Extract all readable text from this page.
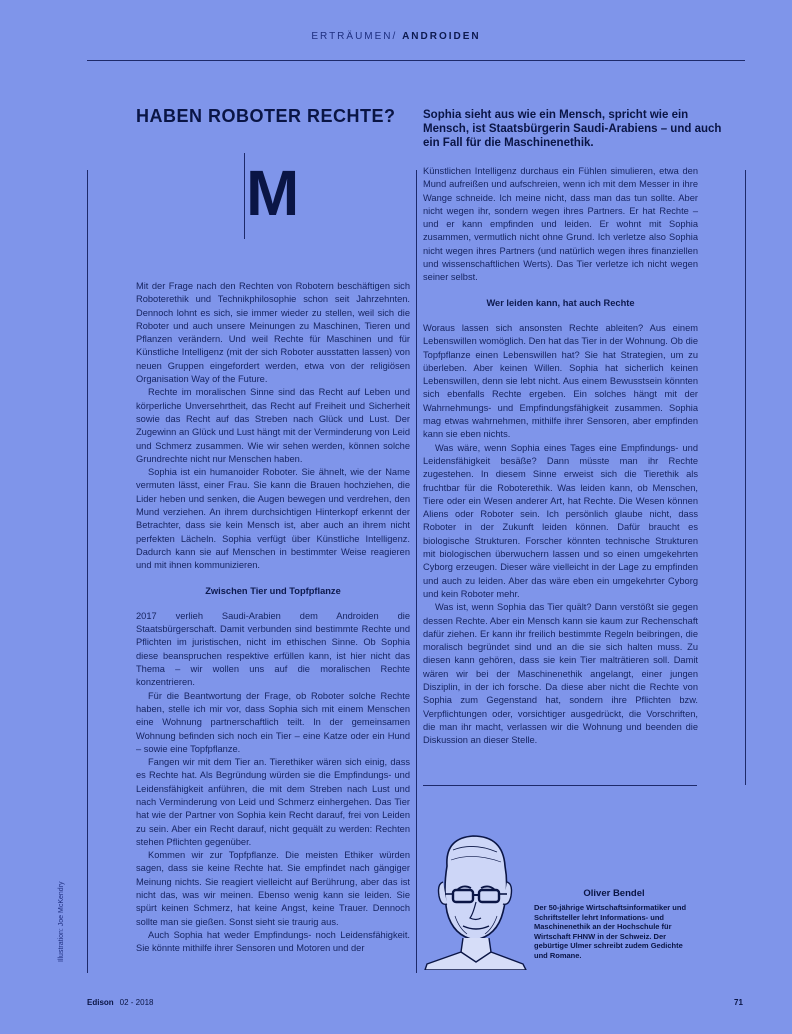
ERTRÄUMEN/ ANDROIDEN
HABEN ROBOTER RECHTE? Sophia sieht aus wie ein Mensch, spricht wie ein Mensch, ist Staatsbürgerin Saudi-Arabiens – und auch ein Fall für die Maschinenethik.

M

Mit der Frage nach den Rechten von Robotern beschäftigen sich Roboterethik und Technikphilosophie schon seit Jahrzehnten. Dennoch lohnt es sich, sie immer wieder zu stellen, weil sich die Roboter und auch unsere Meinungen zu Maschinen, Tieren und Pflanzen verändern. Und weil Rechte für Maschinen und für Künstliche Intelligenz (mit der sich Roboter ausstatten lassen) von neuen Gruppen eingefordert werden, etwa von der religiösen Organisation Way of the Future.

Rechte im moralischen Sinne sind das Recht auf Leben und körperliche Unversehrtheit, das Recht auf Freiheit und Sicherheit sowie das Recht auf das Streben nach Glück und Lust. Der Zugewinn an Glück und Lust hängt mit der Verminderung von Leid und Schmerz zusammen. Wie wir sehen werden, können solche Grundrechte nicht nur Menschen haben.

Sophia ist ein humanoider Roboter. Sie ähnelt, wie der Name vermuten lässt, einer Frau. Sie kann die Brauen hochziehen, die Lider heben und senken, die Augen bewegen und verdrehen, den Mund verziehen. An ihrem durchsichtigen Hinterkopf erkennt der Betrachter, dass sie kein Mensch ist, aber auch an ihrem nicht perfekten Lächeln. Sophia verfügt über Künstliche Intelligenz. Dadurch kann sie auf Menschen in bestimmter Weise reagieren und mit ihnen kommunizieren.

Zwischen Tier und Topfpflanze

2017 verlieh Saudi-Arabien dem Androiden die Staatsbürgerschaft. Damit verbunden sind bestimmte Rechte und Pflichten im juristischen, nicht im ethischen Sinne. Ob Sophia diese beanspruchen respektive erfüllen kann, ist hier nicht das Thema – wir wollen uns auf die moralischen Rechte konzentrieren.

Für die Beantwortung der Frage, ob Roboter solche Rechte haben, stelle ich mir vor, dass Sophia sich mit einem Menschen eine Wohnung partnerschaftlich teilt. In der gemeinsamen Wohnung befinden sich noch ein Tier – eine Katze oder ein Hund – sowie eine Topfpflanze.

Fangen wir mit dem Tier an. Tierethiker wären sich einig, dass es Rechte hat. Als Begründung würden sie die Empfindungs- und Leidensfähigkeit anführen, die mit dem Streben nach Lust und nach Verminderung von Leid und Schmerz einhergehen. Das Tier hat wie der Partner von Sophia kein Recht darauf, frei von Leiden zu sein. Aber ein Recht darauf, nicht gequält zu werden: Rechten stehen Pflichten gegenüber.

Kommen wir zur Topfpflanze. Die meisten Ethiker würden sagen, dass sie keine Rechte hat. Sie empfindet nach gängiger Meinung nichts. Sie reagiert vielleicht auf Berührung, aber das ist nicht das, was wir meinen. Ebenso wenig kann sie leiden. Sie spürt keinen Schmerz, hat keine Angst, keine Trauer. Dennoch sollte man sie gießen. Sonst sieht sie traurig aus.

Auch Sophia hat weder Empfindungs- noch Leidensfähigkeit. Sie könnte mithilfe ihrer Sensoren und Motoren und der

Künstlichen Intelligenz durchaus ein Fühlen simulieren, etwa den Mund aufreißen und aufschreien, wenn ich mit dem Messer in ihre Wange schneide. Ich meine nicht, dass man das tun sollte. Aber nicht wegen ihr, sondern wegen ihres Partners. Er hat Rechte – und er kann empfinden und leiden. Er wohnt mit Sophia zusammen, vermutlich nicht ohne Grund. Ich verletze also Sophia nicht wegen ihres Partners (und natürlich wegen ihres finanziellen und wissenschaftlichen Werts). Das Tier verletze ich nicht wegen seiner selbst.

Wer leiden kann, hat auch Rechte

Woraus lassen sich ansonsten Rechte ableiten? Aus einem Lebenswillen womöglich. Den hat das Tier in der Wohnung. Ob die Topfpflanze einen Lebenswillen hat? Sie hat Strategien, um zu überleben. Aber keinen Willen. Sophia hat sicherlich keinen Lebenswillen, denn sie lebt nicht. Aus einem Bewusstsein könnten sich ebenfalls Rechte ergeben. Ein solches hängt mit der Wahrnehmungs- und Empfindungsfähigkeit zusammen. Sophia mag etwas wahrnehmen, mithilfe ihrer Sensoren, aber empfinden kann sie eben nichts.

Was wäre, wenn Sophia eines Tages eine Empfindungs- und Leidensfähigkeit besäße? Dann müsste man ihr Rechte zugestehen. In diesem Sinne erweist sich die Tierethik als fruchtbar für die Roboterethik. Was leiden kann, ob Menschen, Tiere oder ein Wesen anderer Art, hat Rechte. Die Wesen können Aliens oder Roboter sein. Ich persönlich glaube nicht, dass Roboter in der Zukunft leiden können. Dafür braucht es biologische Strukturen. Forscher könnten technische Strukturen mit biologischen überwuchern lassen und so einen umgekehrten Cyborg erzeugen. Dieser wäre vielleicht in der Lage zu empfinden und auch zu leiden. Aber das wäre eben ein umgekehrter Cyborg und kein Roboter mehr.

Was ist, wenn Sophia das Tier quält? Dann verstößt sie gegen dessen Rechte. Aber ein Mensch kann sie kaum zur Rechenschaft dafür ziehen. Er kann ihr freilich bestimmte Regeln beibringen, die moralisch begründet sind und an die sie sich halten muss. Zu diesen kann gehören, dass sie kein Tier malträtieren soll. Damit wären wir bei der Maschinenethik angelangt, einer jungen Disziplin, in der ich forsche. Da diese aber nicht die Rechte von Sophia zum Gegenstand hat, sondern ihre Pflichten bzw. Verpflichtungen oder, vorsichtiger ausgedrückt, die Vorschriften, die man ihr macht, verlassen wir die Wohnung und beenden die Diskussion an dieser Stelle.

Oliver Bendel
Der 50-jährige Wirtschaftsinformatiker und Schriftsteller lehrt Informations- und Maschinenethik an der Hochschule für Wirtschaft FHNW in der Schweiz. Der gebürtige Ulmer schreibt zudem Gedichte und Romane.
Illustration: Joe McKendry
Edison 02 - 2018	71
